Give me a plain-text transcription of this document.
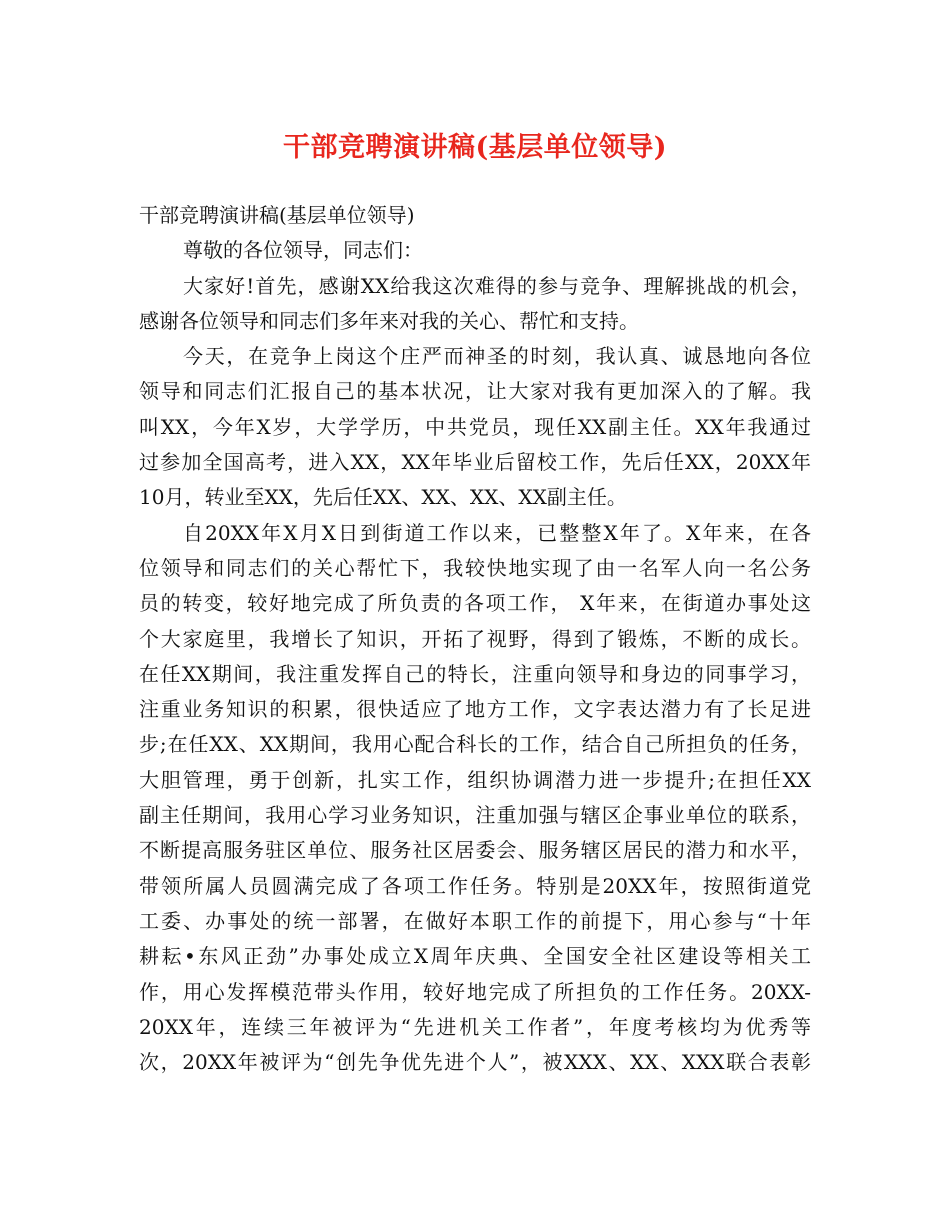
干部竞聘演讲稿(基层单位领导)
干部竞聘演讲稿(基层单位领导)
尊敬的各位领导，同志们：
大家好!首先，感谢XX给我这次难得的参与竞争、理解挑战的机会，
感谢各位领导和同志们多年来对我的关心、帮忙和支持。
今天，在竞争上岗这个庄严而神圣的时刻，我认真、诚恳地向各位
领导和同志们汇报自己的基本状况，让大家对我有更加深入的了解。我
叫XX，今年X岁，大学学历，中共党员，现任XX副主任。XX年我通过
过参加全国高考，进入XX，XX年毕业后留校工作，先后任XX，20XX年
10月，转业至XX，先后任XX、XX、XX、XX副主任。
自20XX年X月X日到街道工作以来，已整整X年了。X年来，在各
位领导和同志们的关心帮忙下，我较快地实现了由一名军人向一名公务
员的转变，较好地完成了所负责的各项工作， X年来，在街道办事处这
个大家庭里，我增长了知识，开拓了视野，得到了锻炼，不断的成长。
在任XX期间，我注重发挥自己的特长，注重向领导和身边的同事学习，
注重业务知识的积累，很快适应了地方工作，文字表达潜力有了长足进
步;在任XX、XX期间，我用心配合科长的工作，结合自己所担负的任务，
大胆管理，勇于创新，扎实工作，组织协调潜力进一步提升;在担任XX
副主任期间，我用心学习业务知识，注重加强与辖区企事业单位的联系，
不断提高服务驻区单位、服务社区居委会、服务辖区居民的潜力和水平，
带领所属人员圆满完成了各项工作任务。特别是20XX年，按照街道党
工委、办事处的统一部署，在做好本职工作的前提下，用心参与“十年
耕耘•东风正劲”办事处成立X周年庆典、全国安全社区建设等相关工
作，用心发挥模范带头作用，较好地完成了所担负的工作任务。20XX-
20XX年，连续三年被评为“先进机关工作者”，年度考核均为优秀等
次，20XX年被评为“创先争优先进个人”，被XXX、XX、XXX联合表彰
